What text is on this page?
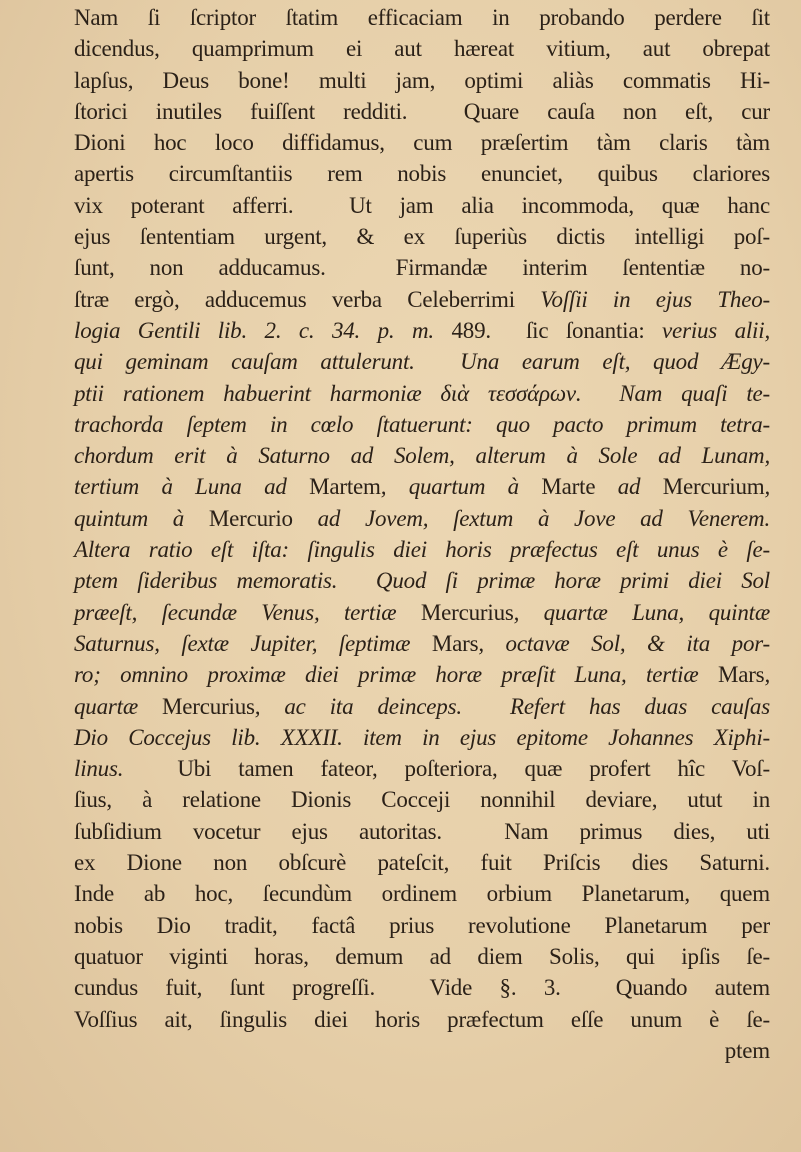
Nam ſi ſcriptor ſtatim efficaciam in probando perdere ſit
dicendus, quamprimum ei aut hæreat vitium, aut obrepat
lapſus, Deus bone! multi jam, optimi aliàs commatis Hi-
ſtorici inutiles fuiſſent redditi.  Quare cauſa non eſt, cur
Dioni hoc loco diffidamus, cum præſertim tàm claris tàm
apertis circumſtantiis rem nobis enunciet, quibus clariores
vix poterant afferri.  Ut jam alia incommoda, quæ hanc
ejus ſententiam urgent, & ex ſuperiùs dictis intelligi poſ-
ſunt, non adducamus.  Firmandæ interim ſententiæ no-
ſtræ ergò, adducemus verba Celeberrimi Voſſii in ejus Theo-
logia Gentili lib. 2. c. 34. p. m. 489.  ſic ſonantia: verius alii,
qui geminam cauſam attulerunt.  Una earum eſt, quod Ægy-
ptii rationem habuerint harmoniæ διὰ τεσσάρων.  Nam quaſi te-
trachorda ſeptem in cœlo ſtatuerunt: quo pacto primum tetra-
chordum erit à Saturno ad Solem, alterum à Sole ad Lunam,
tertium à Luna ad Martem, quartum à Marte ad Mercurium,
quintum à Mercurio ad Jovem, ſextum à Jove ad Venerem.
Altera ratio eſt iſta: ſingulis diei horis præfectus eſt unus è ſe-
ptem ſideribus memoratis.  Quod ſi primæ horæ primi diei Sol
præeſt, ſecundæ Venus, tertiæ Mercurius, quartæ Luna, quintæ
Saturnus, ſextæ Jupiter, ſeptimæ Mars, octavæ Sol, & ita por-
ro; omnino proximæ diei primæ horæ præſit Luna, tertiæ Mars,
quartæ Mercurius, ac ita deinceps.  Refert has duas cauſas
Dio Coccejus lib. XXXII. item in ejus epitome Johannes Xiphi-
linus.  Ubi tamen fateor, poſteriora, quæ profert hîc Voſ-
ſius, à relatione Dionis Cocceji nonnihil deviare, utut in
ſubſidium vocetur ejus autoritas.  Nam primus dies, uti
ex Dione non obſcurè pateſcit, fuit Priſcis dies Saturni.
Inde ab hoc, ſecundùm ordinem orbium Planetarum, quem
nobis Dio tradit, factâ prius revolutione Planetarum per
quatuor viginti horas, demum ad diem Solis, qui ipſis ſe-
cundus fuit, ſunt progreſſi.  Vide §. 3.  Quando autem
Voſſius ait, ſingulis diei horis præfectum eſſe unum è ſe-
ptem
